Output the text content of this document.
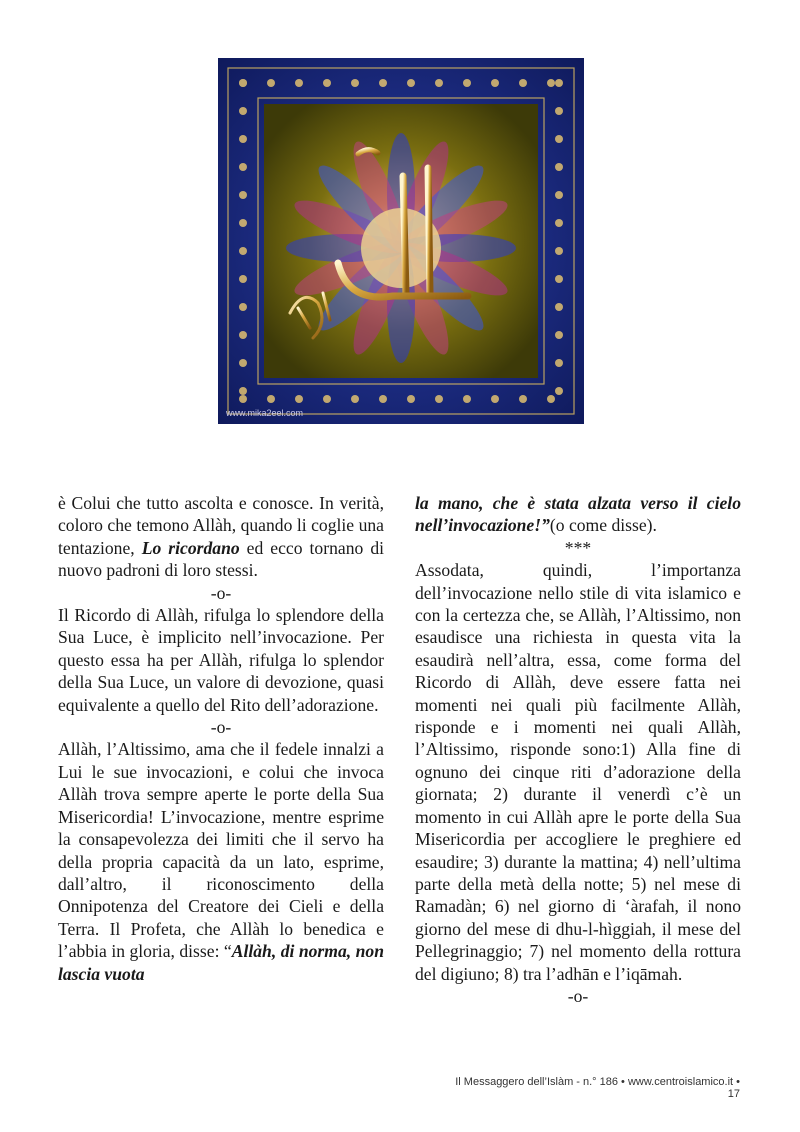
www.mika2eel.com

è Colui che tutto ascolta e conosce. In verità, coloro che temono Allàh, quando li coglie una tentazione, Lo ricordano ed ecco tornano di nuovo padroni di loro stessi.

-o-

Il Ricordo di Allàh, rifulga lo splendore della Sua Luce, è implicito nell’invocazione. Per questo essa ha per Allàh, rifulga lo splendor della Sua Luce, un valore di devozione, quasi equivalente a quello del Rito dell’adorazione.

-o-

Allàh, l’Altissimo, ama che il fedele innalzi a Lui le sue invocazioni, e colui che invoca Allàh trova sempre aperte le porte della Sua Misericordia! L’invocazione, mentre esprime la consapevolezza dei limiti che il servo ha della propria capacità da un lato, esprime, dall’altro, il riconoscimento della Onnipotenza del Creatore dei Cieli e della Terra. Il Profeta, che Allàh lo benedica e l’abbia in gloria, disse: “Allàh, di norma, non lascia vuota

la mano, che è stata alzata verso il cielo nell’invocazione!”(o come disse).

***

Assodata, quindi, l’importanza dell’invocazione nello stile di vita islamico e con la certezza che, se Allàh, l’Altissimo, non esaudisce una richiesta in questa vita la esaudirà nell’altra, essa, come forma del Ricordo di Allàh, deve essere fatta nei momenti nei quali più facilmente Allàh, risponde e i momenti nei quali Allàh, l’Altissimo, risponde sono:1) Alla fine di ognuno dei cinque riti d’adorazione della giornata; 2) durante il venerdì c’è un momento in cui Allàh apre le porte della Sua Misericordia per accogliere le preghiere ed esaudire; 3) durante la mattina; 4) nell’ultima parte della metà della notte; 5) nel mese di Ramadàn; 6) nel giorno di ‘àrafah, il nono giorno del mese di dhu-l-hìggiah, il mese del Pellegrinaggio; 7) nel momento della rottura del digiuno; 8) tra l’adhān e l’iqāmah.

-o-

Il Messaggero dell’Islàm - n.° 186 • www.centroislamico.it • 17
